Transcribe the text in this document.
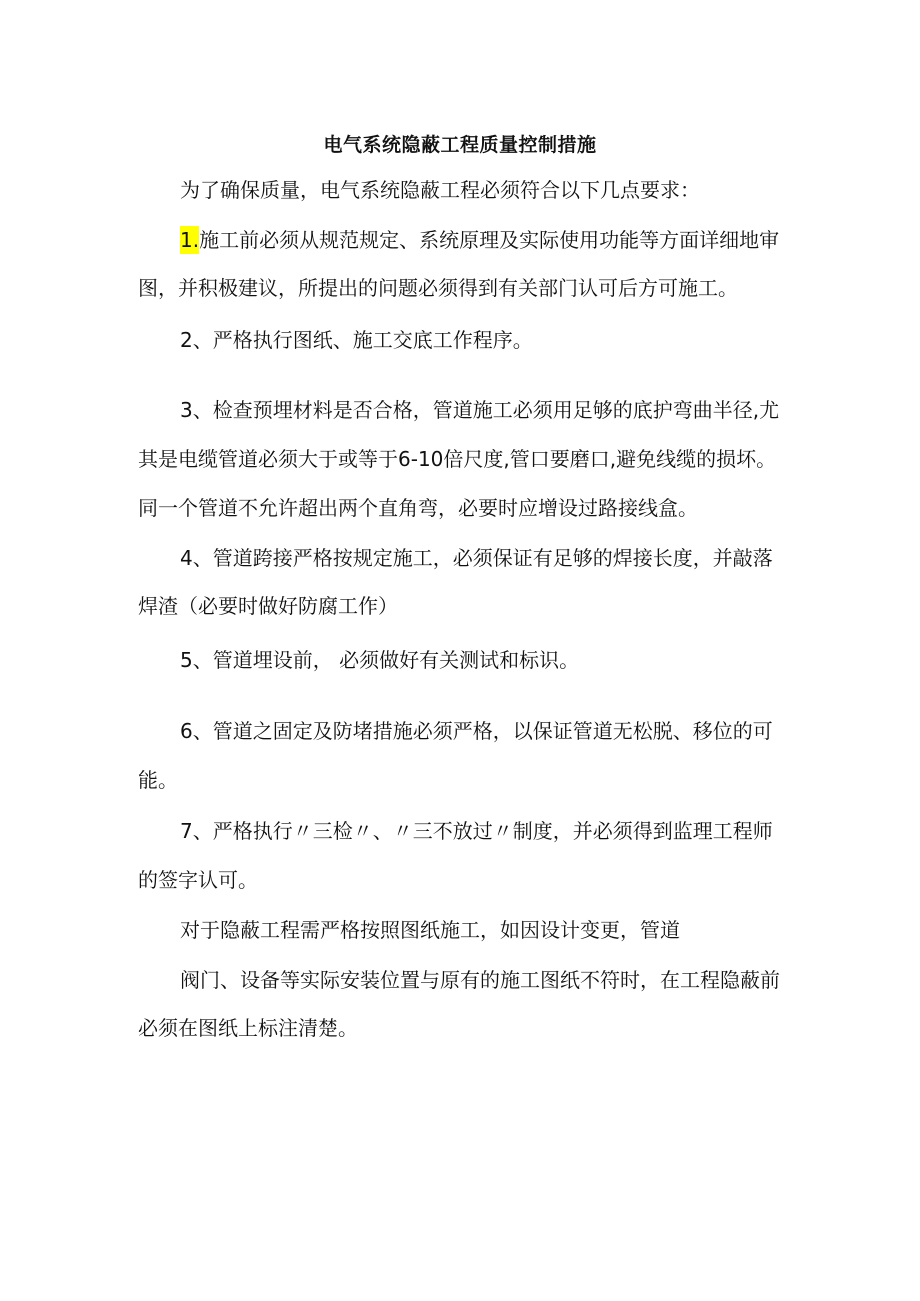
电气系统隐蔽工程质量控制措施
为了确保质量，电气系统隐蔽工程必须符合以下几点要求：
1.施工前必须从规范规定、系统原理及实际使用功能等方面详细地审
图，并积极建议，所提出的问题必须得到有关部门认可后方可施工。
2、严格执行图纸、施工交底工作程序。
3、检查预埋材料是否合格，管道施工必须用足够的底护弯曲半径,尤
其是电缆管道必须大于或等于6-10倍尺度,管口要磨口,避免线缆的损坏。
同一个管道不允许超出两个直角弯，必要时应增设过路接线盒。
4、管道跨接严格按规定施工，必须保证有足够的焊接长度，并敲落
焊渣（必要时做好防腐工作）
5、管道埋设前， 必须做好有关测试和标识。
6、管道之固定及防堵措施必须严格，以保证管道无松脱、移位的可
能。
7、严格执行〃三检〃、〃三不放过〃制度，并必须得到监理工程师
的签字认可。
对于隐蔽工程需严格按照图纸施工，如因设计变更，管道
阀门、设备等实际安装位置与原有的施工图纸不符时，在工程隐蔽前
必须在图纸上标注清楚。
